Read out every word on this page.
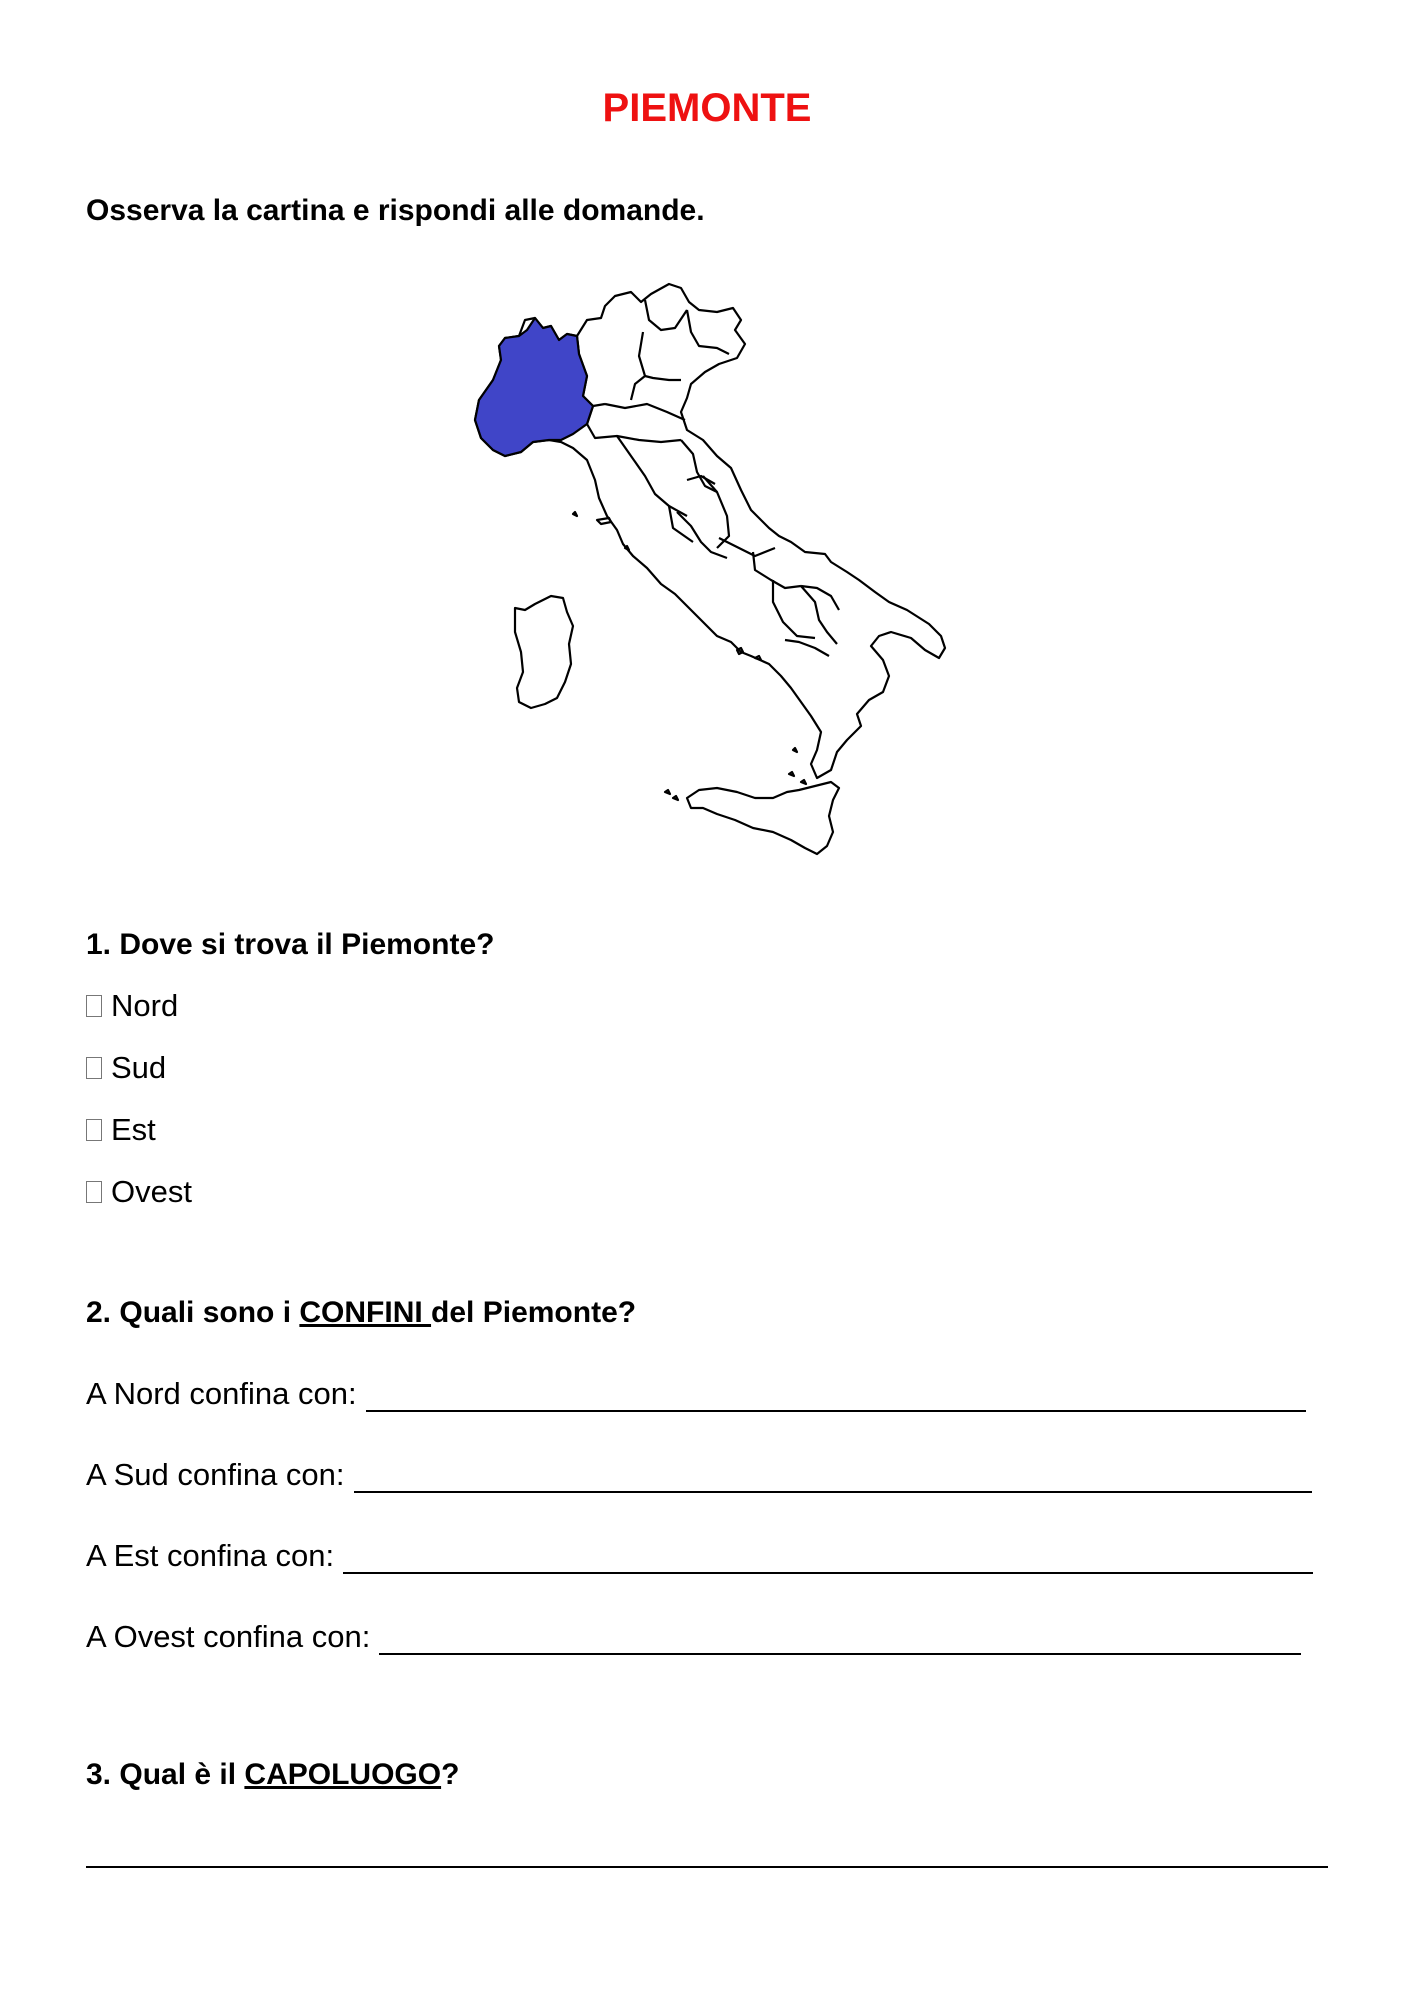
PIEMONTE

Osserva la cartina e rispondi alle domande.

1. Dove si trova il Piemonte?

Nord
Sud
Est
Ovest

2. Quali sono i CONFINI del Piemonte?

A Nord confina con:
A Sud confina con:
A Est confina con:
A Ovest confina con:

3. Qual è il CAPOLUOGO?
